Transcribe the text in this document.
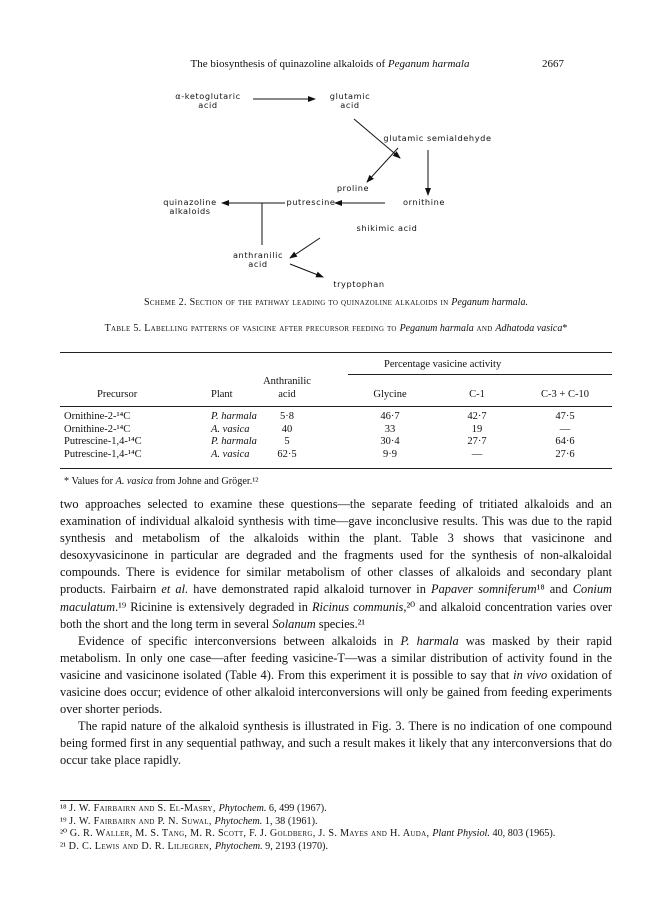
The biosynthesis of quinazoline alkaloids of Peganum harmala	2667
α-ketoglutaric
acid
glutamic
acid
glutamic semialdehyde
proline
quinazoline
alkaloids
putrescine	ornithine
shikimic acid
anthranilic
acid
tryptophan
Scheme 2. Section of the pathway leading to quinazoline alkaloids in Peganum harmala.
Table 5. Labelling patterns of vasicine after precursor feeding to Peganum harmala and Adhatoda vasica*
Percentage vasicine activity
Anthranilic
Precursor	Plant	acid	Glycine	C-1	C-3 + C-10
Ornithine-2-¹⁴C	P. harmala	5·8	46·7	42·7	47·5
Ornithine-2-¹⁴C	A. vasica	40	33	19	—
Putrescine-1,4-¹⁴C	P. harmala	5	30·4	27·7	64·6
Putrescine-1,4-¹⁴C	A. vasica	62·5	9·9	—	27·6
* Values for A. vasica from Johne and Gröger.¹²

two approaches selected to examine these questions—the separate feeding of tritiated alkaloids and an examination of individual alkaloid synthesis with time—gave inconclusive results. This was due to the rapid synthesis and metabolism of the alkaloids within the plant. Table 3 shows that vasicinone and desoxyvasicinone in particular are degraded and the fragments used for the synthesis of non-alkaloidal compounds. There is evidence for similar metabolism of other classes of alkaloids and secondary plant products. Fairbairn et al. have demonstrated rapid alkaloid turnover in Papaver somniferum¹⁸ and Conium maculatum.¹⁹ Ricinine is extensively degraded in Ricinus communis,²⁰ and alkaloid concentration varies over both the short and the long term in several Solanum species.²¹

Evidence of specific interconversions between alkaloids in P. harmala was masked by their rapid metabolism. In only one case—after feeding vasicine-T—was a similar distribution of activity found in the vasicine and vasicinone isolated (Table 4). From this experiment it is possible to say that in vivo oxidation of vasicine does occur; evidence of other alkaloid interconversions will only be gained from feeding experiments over shorter periods.

The rapid nature of the alkaloid synthesis is illustrated in Fig. 3. There is no indication of one compound being formed first in any sequential pathway, and such a result makes it likely that any interconversions that do occur take place rapidly.

¹⁸ J. W. Fairbairn and S. El-Masry, Phytochem. 6, 499 (1967).
¹⁹ J. W. Fairbairn and P. N. Suwal, Phytochem. 1, 38 (1961).
²⁰ G. R. Waller, M. S. Tang, M. R. Scott, F. J. Goldberg, J. S. Mayes and H. Auda, Plant Physiol. 40, 803 (1965).
²¹ D. C. Lewis and D. R. Liljegren, Phytochem. 9, 2193 (1970).
